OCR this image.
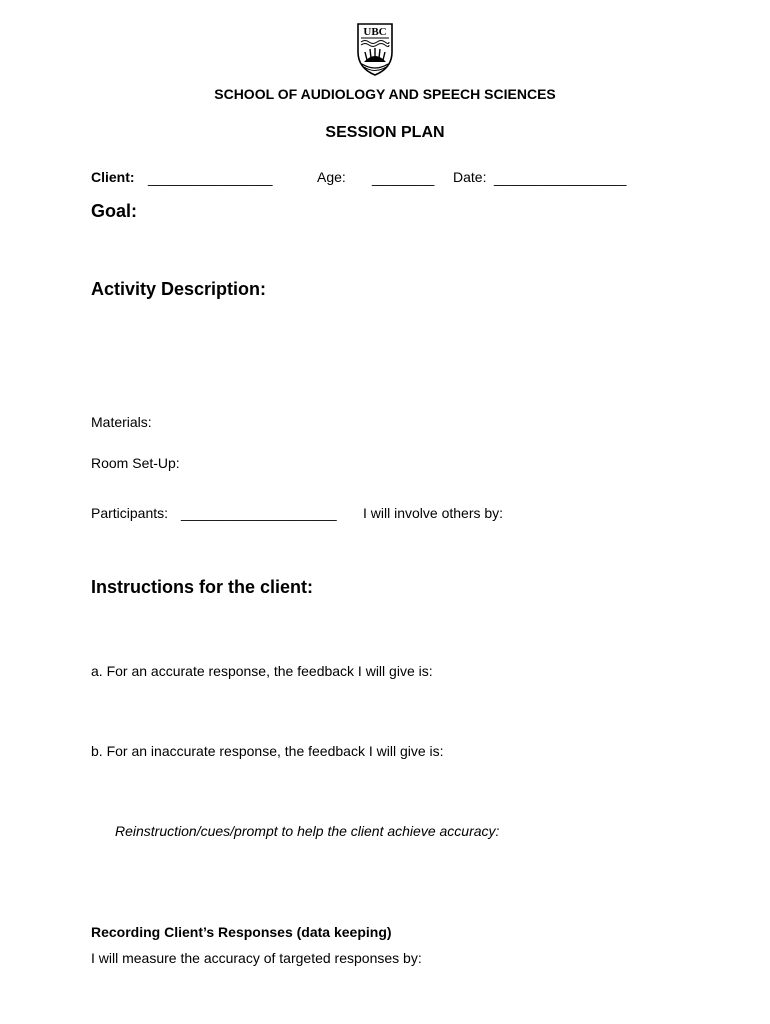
UBC
SCHOOL OF AUDIOLOGY AND SPEECH SCIENCES
SESSION PLAN
Client: ________________	Age: ________ Date: _________________
Goal:
Activity Description:
Materials:
Room Set-Up:
Participants: ____________________ I will involve others by:
Instructions for the client:
a. For an accurate response, the feedback I will give is:
b. For an inaccurate response, the feedback I will give is:
Reinstruction/cues/prompt to help the client achieve accuracy:
Recording Client’s Responses (data keeping)
I will measure the accuracy of targeted responses by:
